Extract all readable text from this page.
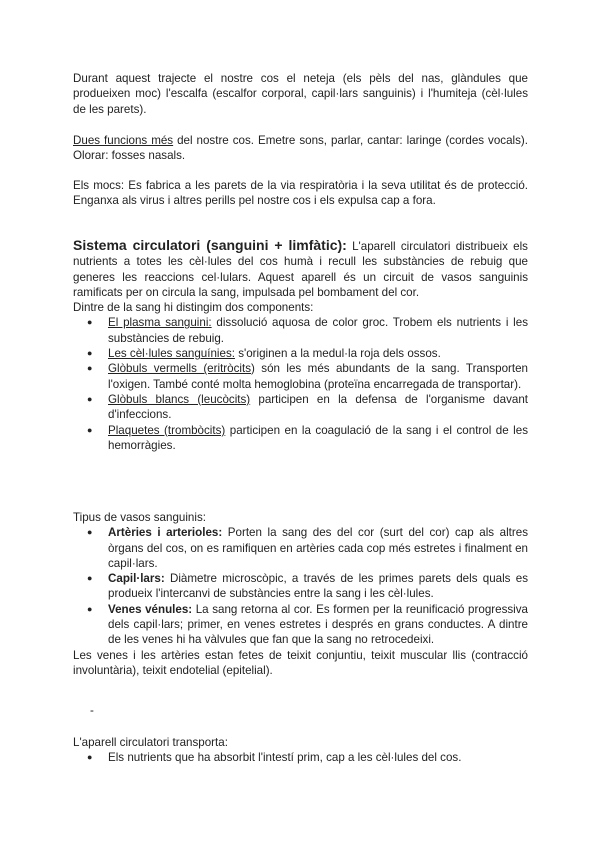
Durant aquest trajecte el nostre cos el neteja (els pèls del nas, glàndules que produeixen moc) l'escalfa (escalfor corporal, capil·lars sanguinis) i l'humiteja (cèl·lules de les parets).

Dues funcions més del nostre cos. Emetre sons, parlar, cantar: laringe (cordes vocals). Olorar: fosses nasals.

Els mocs: Es fabrica a les parets de la via respiratòria i la seva utilitat és de protecció. Enganxa als virus i altres perills pel nostre cos i els expulsa cap a fora.

Sistema circulatori (sanguini + limfàtic): L'aparell circulatori distribueix els nutrients a totes les cèl·lules del cos humà i recull les substàncies de rebuig que generes les reaccions cel·lulars. Aquest aparell és un circuit de vasos sanguinis ramificats per on circula la sang, impulsada pel bombament del cor.

Dintre de la sang hi distingim dos components:

● El plasma sanguini: dissolució aquosa de color groc. Trobem els nutrients i les substàncies de rebuig.
● Les cèl·lules sanguínies: s'originen a la medul·la roja dels ossos.
● Glòbuls vermells (eritròcits) són les més abundants de la sang. Transporten l'oxigen. També conté molta hemoglobina (proteïna encarregada de transportar).
● Glòbuls blancs (leucòcits) participen en la defensa de l'organisme davant d'infeccions.
● Plaquetes (trombòcits) participen en la coagulació de la sang i el control de les hemorràgies.

Tipus de vasos sanguinis:

● Artèries i arterioles: Porten la sang des del cor (surt del cor) cap als altres òrgans del cos, on es ramifiquen en artèries cada cop més estretes i finalment en capil·lars.
● Capil·lars: Diàmetre microscòpic, a través de les primes parets dels quals es produeix l'intercanvi de substàncies entre la sang i les cèl·lules.
● Venes vénules: La sang retorna al cor. Es formen per la reunificació progressiva dels capil·lars; primer, en venes estretes i després en grans conductes. A dintre de les venes hi ha vàlvules que fan que la sang no retrocedeixi.

Les venes i les artèries estan fetes de teixit conjuntiu, teixit muscular llis (contracció involuntària), teixit endotelial (epitelial).

-

L'aparell circulatori transporta:

● Els nutrients que ha absorbit l'intestí prim, cap a les cèl·lules del cos.
